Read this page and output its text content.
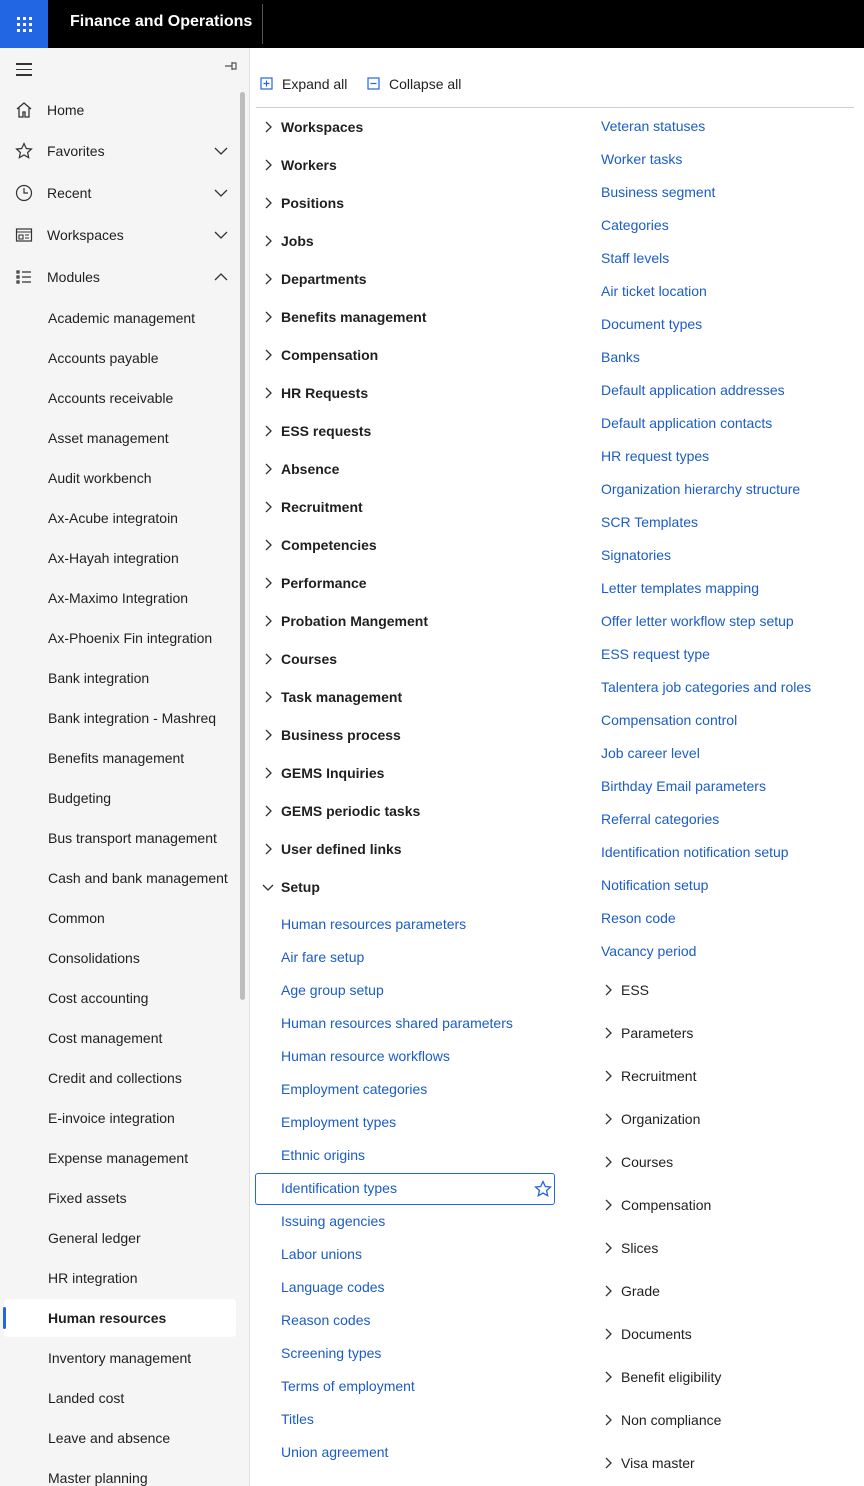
Finance and Operations
Home
Favorites
Recent
Workspaces
Modules
Academic management
Accounts payable
Accounts receivable
Asset management
Audit workbench
Ax-Acube integratoin
Ax-Hayah integration
Ax-Maximo Integration
Ax-Phoenix Fin integration
Bank integration
Bank integration - Mashreq
Benefits management
Budgeting
Bus transport management
Cash and bank management
Common
Consolidations
Cost accounting
Cost management
Credit and collections
E-invoice integration
Expense management
Fixed assets
General ledger
HR integration
Human resources
Inventory management
Landed cost
Leave and absence
Master planning
Expand all	Collapse all
Workspaces
Workers
Positions
Jobs
Departments
Benefits management
Compensation
HR Requests
ESS requests
Absence
Recruitment
Competencies
Performance
Probation Mangement
Courses
Task management
Business process
GEMS Inquiries
GEMS periodic tasks
User defined links
Setup
Human resources parameters
Air fare setup
Age group setup
Human resources shared parameters
Human resource workflows
Employment categories
Employment types
Ethnic origins
Identification types
Issuing agencies
Labor unions
Language codes
Reason codes
Screening types
Terms of employment
Titles
Union agreement
Veteran statuses
Worker tasks
Business segment
Categories
Staff levels
Air ticket location
Document types
Banks
Default application addresses
Default application contacts
HR request types
Organization hierarchy structure
SCR Templates
Signatories
Letter templates mapping
Offer letter workflow step setup
ESS request type
Talentera job categories and roles
Compensation control
Job career level
Birthday Email parameters
Referral categories
Identification notification setup
Notification setup
Reson code
Vacancy period
ESS
Parameters
Recruitment
Organization
Courses
Compensation
Slices
Grade
Documents
Benefit eligibility
Non compliance
Visa master
